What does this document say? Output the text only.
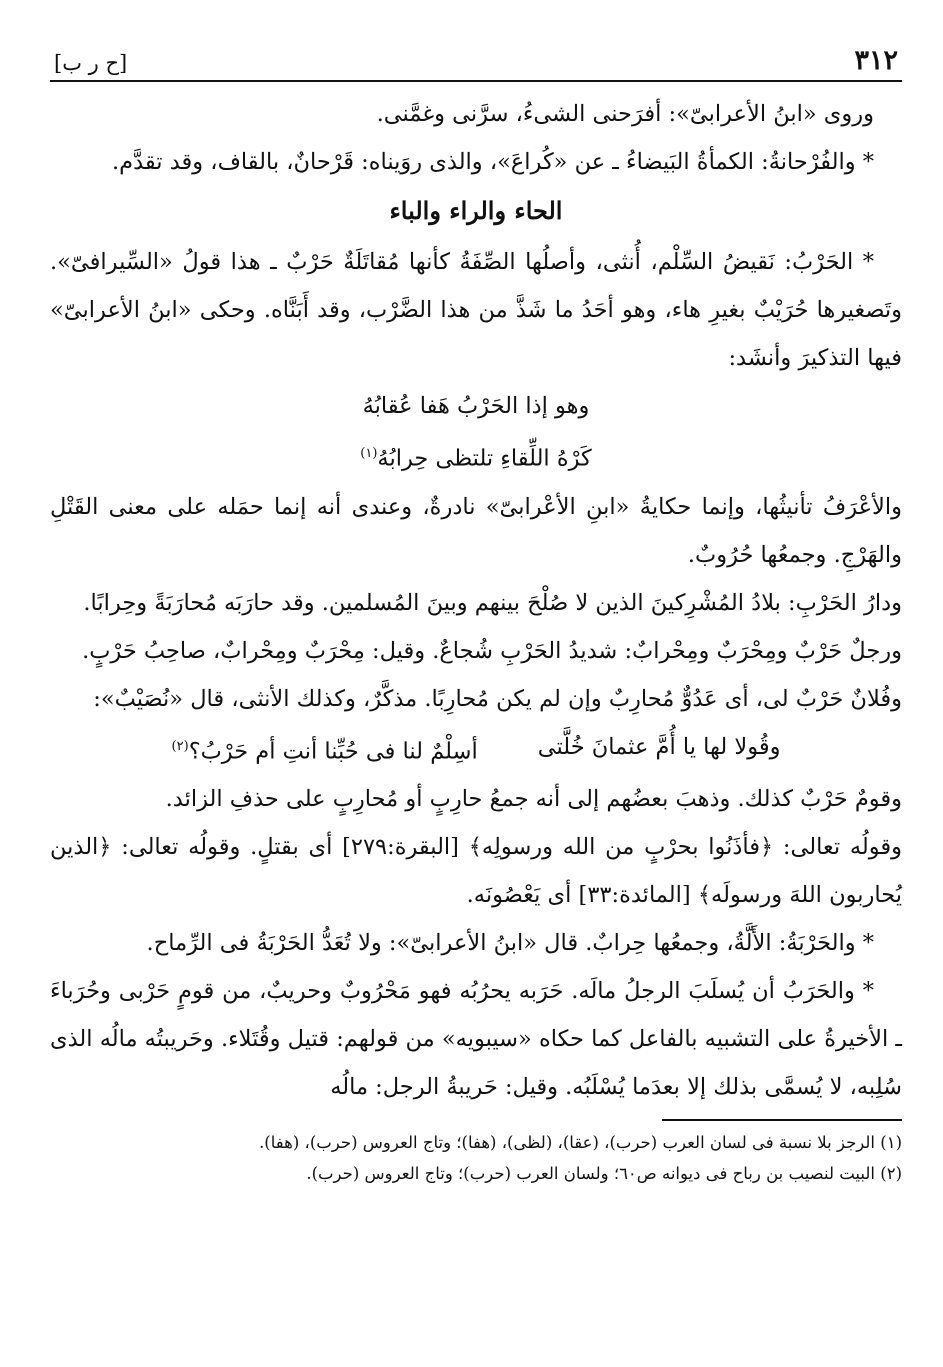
٣١٢
[ح ر ب]

وروى «ابنُ الأعرابىّ»: أفرَحنى الشىءُ، سرَّنى وغمَّنى.

* والفُرْحانةُ: الكمأةُ البَيضاءُ ـ عن «كُراعَ»، والذى روَيناه: قَرْحانٌ، بالقاف، وقد تقدَّم.

الحاء والراء والباء

* الحَرْبُ: نَقيضُ السِّلْم، أُنثى، وأصلُها الصِّفَةُ كأنها مُقاتَلَةٌ حَرْبٌ ـ هذا قولُ «السِّيرافىّ». وتَصغيرها حُرَيْبٌ بغيرِ هاء، وهو أحَدُ ما شَذَّ من هذا الضَّرْب، وقد أَبَنَّاه. وحكى «ابنُ الأعرابىّ» فيها التذكيرَ وأنشَد:

وهو إذا الحَرْبُ هَفا عُقابُهُ
كَرْهُ اللِّقاءِ تلتظى حِرابُهُ$^{(١)}$

والأعْرَفُ تأنيثُها، وإنما حكايةُ «ابنِ الأعْرابىّ» نادرةٌ، وعندى أنه إنما حمَله على معنى القَتْلِ والهَرْجِ. وجمعُها حُرُوبٌ.

ودارُ الحَرْبِ: بلادُ المُشْرِكينَ الذين لا صُلْحَ بينهم وبينَ المُسلمين. وقد حارَبَه مُحارَبَةً وحِرابًا.

ورجلٌ حَرْبٌ ومِحْرَبٌ ومِحْرابٌ: شديدُ الحَرْبِ شُجاعٌ. وقيل: مِحْرَبٌ ومِحْرابٌ، صاحِبُ حَرْبٍ.

وفُلانٌ حَرْبٌ لى، أى عَدُوٌّ مُحارِبٌ وإن لم يكن مُحارِبًا. مذكَّرٌ، وكذلك الأنثى، قال «نُصَيْبٌ»:

وقُولا لها يا أُمَّ عثمانَ خُلَّتى
أسِلْمٌ لنا فى حُبِّنا أنتِ أم حَرْبُ؟$^{(٢)}$

وقومٌ حَرْبٌ كذلك. وذهبَ بعضُهم إلى أنه جمعُ حارِبٍ أو مُحارِبٍ على حذفِ الزائد.

وقولُه تعالى: ﴿فأذَنُوا بحرْبٍ من الله ورسولِه﴾ [البقرة:٢٧٩] أى بقتلٍ. وقولُه تعالى: ﴿الذين يُحاربون اللهَ ورسولَه﴾ [المائدة:٣٣] أى يَعْصُونَه.

* والحَرْبَةُ: الأَلَّةُ، وجمعُها حِرابٌ. قال «ابنُ الأعرابىّ»: ولا تُعَدُّ الحَرْبَةُ فى الرِّماح.

* والحَرَبُ أن يُسلَبَ الرجلُ مالَه. حَرَبه يحرُبُه فهو مَحْرُوبٌ وحريبٌ، من قومٍ حَرْبى وحُرَباءَ ـ الأخيرةُ على التشبيه بالفاعل كما حكاه «سيبويه» من قولهم: قتيل وقُتَلاء. وحَريبتُه مالُه الذى سُلِبه، لا يُسمَّى بذلك إلا بعدَما يُسْلَبُه. وقيل: حَريبةُ الرجل: مالُه

(١) الرجز بلا نسبة فى لسان العرب (حرب)، (عقا)، (لظى)، (هفا)؛ وتاج العروس (حرب)، (هفا).
(٢) البيت لنصيب بن رباح فى ديوانه ص٦٠؛ ولسان العرب (حرب)؛ وتاج العروس (حرب).
